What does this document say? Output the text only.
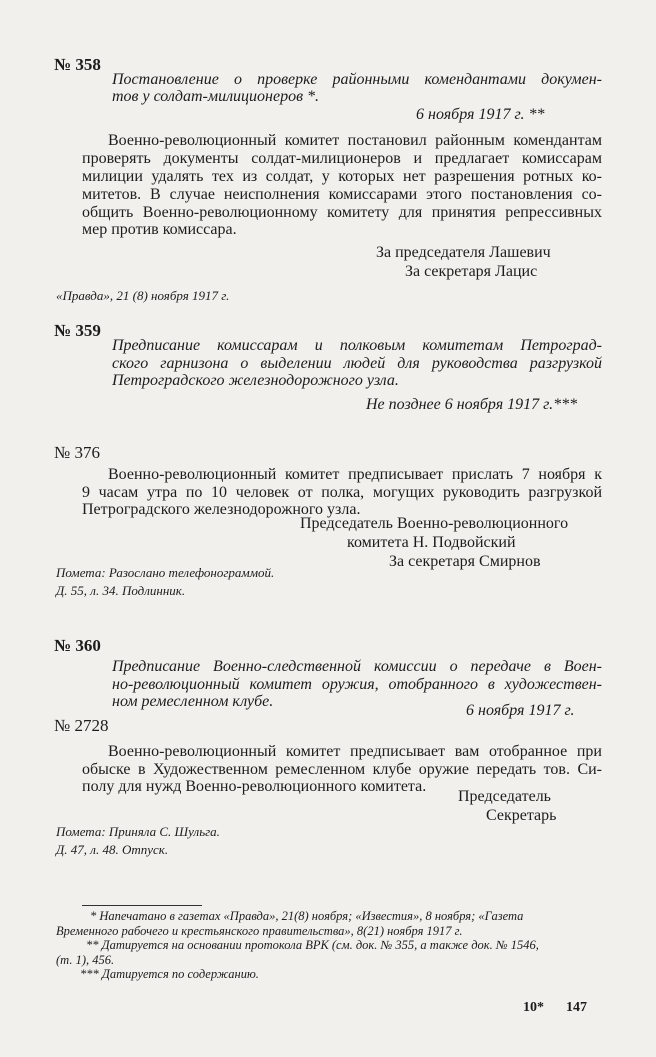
№ 358
Постановление о проверке районными комендантами докумен-
тов у солдат-милиционеров *.
6 ноября 1917 г. **
Военно-революционный комитет постановил районным комендантам
проверять документы солдат-милиционеров и предлагает комиссарам
милиции удалять тех из солдат, у которых нет разрешения ротных ко-
митетов. В случае неисполнения комиссарами этого постановления со-
общить Военно-революционному комитету для принятия репрессивных
мер против комиссара.
За председателя Лашевич
За секретаря Лацис
«Правда», 21 (8) ноября 1917 г.
№ 359
Предписание комиссарам и полковым комитетам Петроград-
ского гарнизона о выделении людей для руководства разгрузкой
Петроградского железнодорожного узла.
Не позднее 6 ноября 1917 г.***
№ 376
Военно-революционный комитет предписывает прислать 7 ноября к
9 часам утра по 10 человек от полка, могущих руководить разгрузкой
Петроградского железнодорожного узла.
Председатель Военно-революционного
комитета Н. Подвойский
За секретаря Смирнов
Помета: Разослано телефонограммой.
Д. 55, л. 34. Подлинник.
№ 360
Предписание Военно-следственной комиссии о передаче в Воен-
но-революционный комитет оружия, отобранного в художествен-
ном ремесленном клубе.
6 ноября 1917 г.
№ 2728
Военно-революционный комитет предписывает вам отобранное при
обыске в Художественном ремесленном клубе оружие передать тов. Си-
полу для нужд Военно-революционного комитета.
Председатель
Секретарь
Помета: Приняла С. Шульга.
Д. 47, л. 48. Отпуск.
* Напечатано в газетах «Правда», 21(8) ноября; «Известия», 8 ноября; «Газета
Временного рабочего и крестьянского правительства», 8(21) ноября 1917 г.
** Датируется на основании протокола ВРК (см. док. № 355, а также док. № 1546,
(т. 1), 456.
*** Датируется по содержанию.
10* 147
